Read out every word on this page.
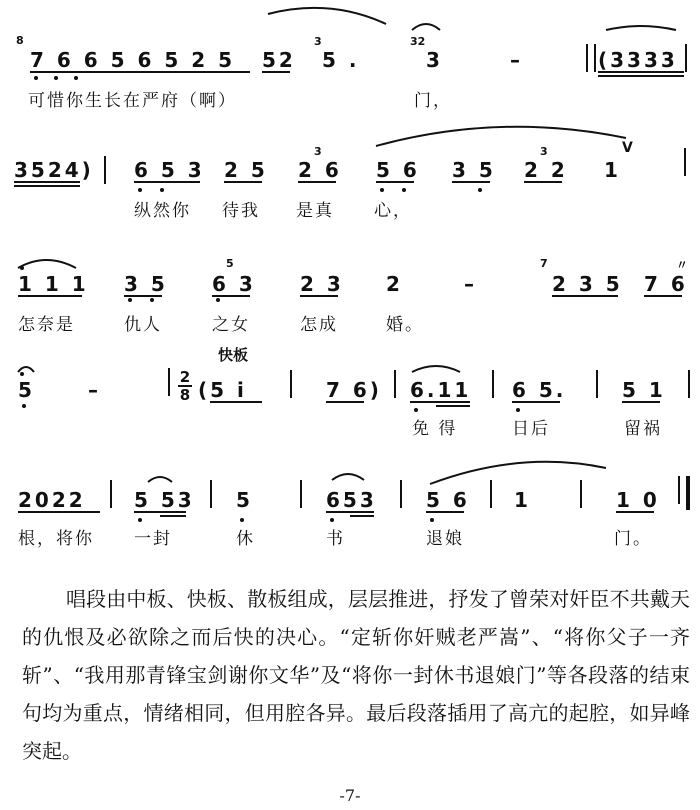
8
7 6 6 5 6 5 2 5 52
3
5 .
32
3	–	(3333
可惜你生长在严府（啊）	门，
3524) 6 5 3 2 5
3
2 6 5 6 3 5
3
2 2 1
V
纵然你 待我 是真 心，
1 1 1 3 5
5
6 3 2 3 2	–
7
2 3 5 7 6
〃
怎奈是	仇人	之女	怎成	婚。
快板
5	–
2
8 (5 i	7 6) 6.11 6 5.	5 1
免 得	日后	留祸
2022 5 53 5	653 5 6 1	1 0
根，将你 一封	休	书	退娘	门。

唱段由中板、快板、散板组成，层层推进，抒发了曾荣对奸臣不共戴天的仇恨及必欲除之而后快的决心。“定斩你奸贼老严嵩”、“将你父子一齐斩”、“我用那青锋宝剑谢你文华”及“将你一封休书退娘门”等各段落的结束句均为重点，情绪相同，但用腔各异。最后段落插用了高亢的起腔，如异峰突起。

-7-
